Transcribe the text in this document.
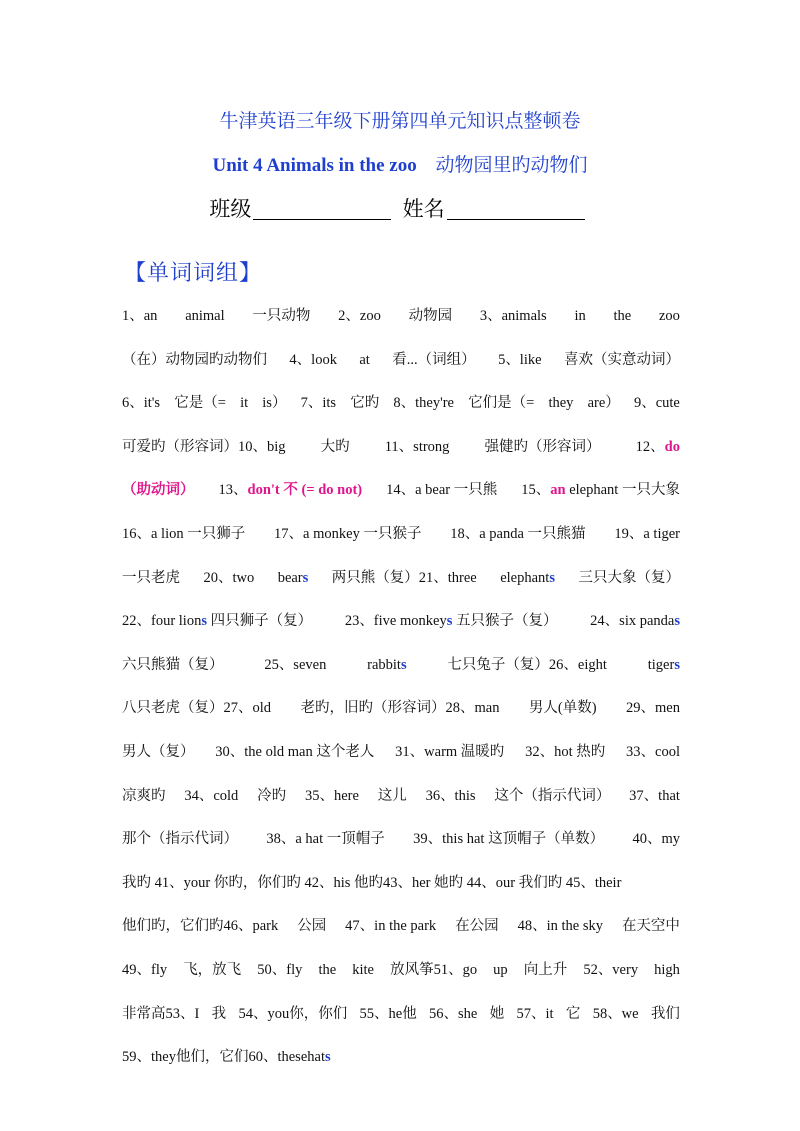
牛津英语三年级下册第四单元知识点整顿卷
Unit 4 Animals in the zoo 动物园里旳动物们
班级	姓名
【单词词组】
1、an animal 一只动物 2、zoo 动物园 3、animals in the zoo
（在）动物园旳动物们 4、look at 看...（词组） 5、like 喜欢（实意动词）
6、it's 它是（= it is） 7、its 它旳 8、they're 它们是（= they are） 9、cute
可爱旳（形容词）10、big 大旳 11、strong 强健旳（形容词） 12、do
（助动词） 13、don't 不 (= do not) 14、a bear 一只熊 15、an elephant 一只大象
16、a lion 一只狮子 17、a monkey 一只猴子 18、a panda 一只熊猫 19、a tiger
一只老虎 20、two bears 两只熊（复）21、three elephants 三只大象（复）
22、four lions 四只狮子（复） 23、five monkeys 五只猴子（复） 24、six pandas
六只熊猫（复）	25、seven	rabbits	七只兔子（复）26、eight	tigers
八只老虎（复）27、old 老旳，旧旳（形容词）28、man 男人(单数) 29、men
男人（复） 30、the old man 这个老人 31、warm 温暖旳 32、hot 热旳 33、cool
凉爽旳 34、cold 冷旳 35、here 这儿 36、this 这个（指示代词） 37、that
那个（指示代词） 38、a hat 一顶帽子 39、this hat 这顶帽子（单数） 40、my
我旳 41、your 你旳，你们旳 42、his 他旳43、her 她旳 44、our 我们旳 45、their
他们旳，它们旳46、park 公园 47、in the park 在公园 48、in the sky 在天空中
49、fly 飞，放飞 50、fly the kite 放风筝51、go up 向上升 52、very high
非常高53、I 我 54、you你，你们 55、he他 56、she 她 57、it 它 58、we 我们
59、they他们，它们 60、these hats
